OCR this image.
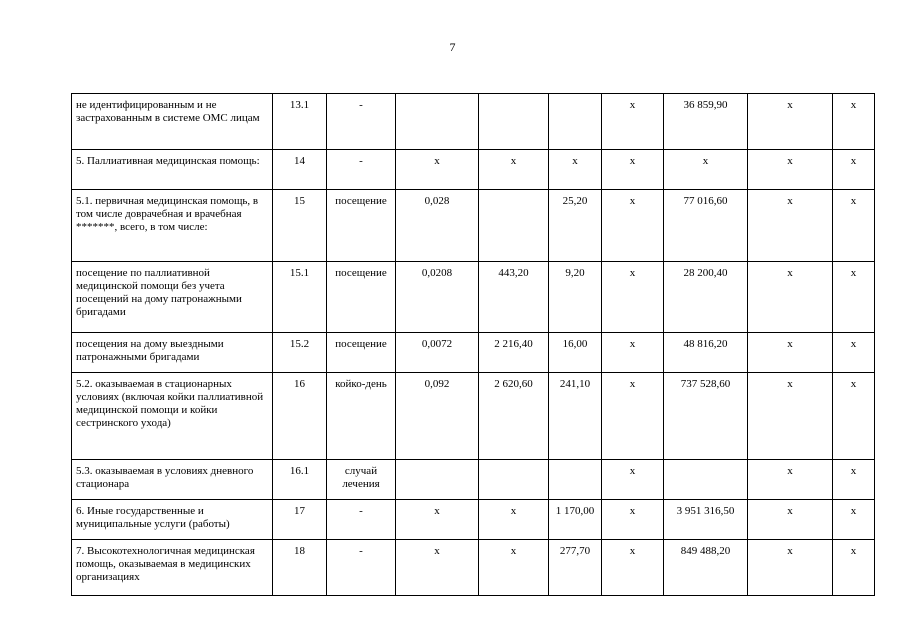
7
не идентифицированным и не застрахованным в системе ОМС лицам	13.1	-				х	36 859,90	х	х
5. Паллиативная медицинская помощь:	14	-	х	х	х	х	х	х	х
5.1. первичная медицинская помощь, в том числе доврачебная и врачебная *******, всего, в том числе:	15	посещение	0,028		25,20	х	77 016,60	х	х
посещение по паллиативной медицинской помощи без учета посещений на дому патронажными бригадами	15.1	посещение	0,0208	443,20	9,20	х	28 200,40	х	х
посещения на дому выездными патронажными бригадами	15.2	посещение	0,0072	2 216,40	16,00	х	48 816,20	х	х
5.2. оказываемая в стационарных условиях (включая койки паллиативной медицинской помощи и койки сестринского ухода)	16	койко-день	0,092	2 620,60	241,10	х	737 528,60	х	х
5.3. оказываемая в условиях дневного стационара	16.1	случай лечения				х		х	х
6. Иные государственные и муниципальные услуги (работы)	17	-	х	х	1 170,00	х	3 951 316,50	х	х
7. Высокотехнологичная медицинская помощь, оказываемая в медицинских организациях	18	-	х	х	277,70	х	849 488,20	х	х
